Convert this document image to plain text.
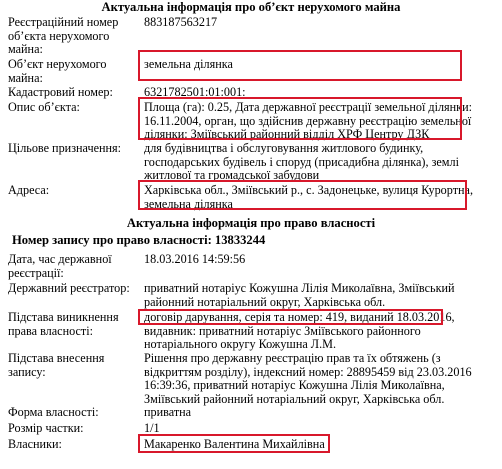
Актуальна інформація про об’єкт нерухомого майна
Реєстраційний номер об’єкта нерухомого майна:
883187563217
Об’єкт нерухомого майна:
земельна ділянка
Кадастровий номер:	6321782501:01:001:
Опис об’єкта:	Площа (га): 0.25, Дата державної реєстрації земельної ділянки: 16.11.2004, орган, що здійснив державну реєстрацію земельної ділянки: Зміївський районний відділ ХРФ Центру ДЗК
Цільове призначення:	для будівництва і обслуговування житлового будинку, господарських будівель і споруд (присадибна ділянка), землі житлової та громадської забудови
Адреса:	Харківська обл., Зміївський р., с. Задонецьке, вулиця Курортна, земельна ділянка
Актуальна інформація про право власності
Номер запису про право власності: 13833244
Дата, час державної реєстрації:
18.03.2016 14:59:56
Державний реєстратор:	приватний нотаріус Кожушна Лілія Миколаївна, Зміївський районний нотаріальний округ, Харківська обл.
Підстава виникнення права власності:
договір дарування, серія та номер: 419, виданий 18.03.2016,
видавник: приватний нотаріус Зміївського районного нотаріального округу Кожушна Л.М.
Підстава внесення запису:
Рішення про державну реєстрацію прав та їх обтяжень (з відкриттям розділу), індексний номер: 28895459 від 23.03.2016 16:39:36, приватний нотаріус Кожушна Лілія Миколаївна, Зміївський районний нотаріальний округ, Харківська обл.
Форма власності:	приватна
Розмір частки:	1/1
Власники:	Макаренко Валентина Михайлівна
